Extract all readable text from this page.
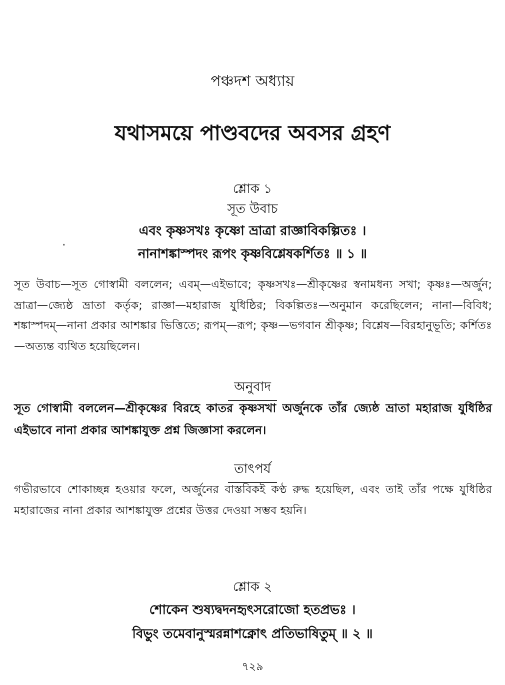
পঞ্চদশ অধ্যায়
যথাসময়ে পাণ্ডবদের অবসর গ্রহণ
শ্লোক ১
সূত উবাচ
এবং কৃষ্ণসখঃ কৃষ্ণো ভ্রাত্রা রাজ্ঞাবিকল্পিতঃ ।
নানাশঙ্কাস্পদং রূপং কৃষ্ণবিশ্লেষকর্শিতঃ ॥ ১ ॥
·
সূত উবাচ—সূত গোস্বামী বললেন; এবম্—এইভাবে; কৃষ্ণসখঃ—শ্রীকৃষ্ণের স্বনামধন্য সখা; কৃষ্ণঃ—অর্জুন; ভ্রাত্রা—জ্যেষ্ঠ ভ্রাতা কর্তৃক; রাজ্ঞা—মহারাজ যুধিষ্ঠির; বিকল্পিতঃ—অনুমান করেছিলেন; নানা—বিবিধ; শঙ্কাস্পদম্—নানা প্রকার আশঙ্কার ভিত্তিতে; রূপম্—রূপ; কৃষ্ণ—ভগবান শ্রীকৃষ্ণ; বিশ্লেষ—বিরহানুভূতি; কর্শিতঃ—অত্যন্ত ব্যথিত হয়েছিলেন।
অনুবাদ
সূত গোস্বামী বললেন—শ্রীকৃষ্ণের বিরহে কাতর কৃষ্ণসখা অর্জুনকে তাঁর জ্যেষ্ঠ ভ্রাতা মহারাজ যুধিষ্ঠির এইভাবে নানা প্রকার আশঙ্কাযুক্ত প্রশ্ন জিজ্ঞাসা করলেন।
তাৎপর্য
গভীরভাবে শোকাচ্ছন্ন হওয়ার ফলে, অর্জুনের বাস্তবিকই কণ্ঠ রুদ্ধ হয়েছিল, এবং তাই তাঁর পক্ষে যুধিষ্ঠির মহারাজের নানা প্রকার আশঙ্কাযুক্ত প্রশ্নের উত্তর দেওয়া সম্ভব হয়নি।
শ্লোক ২
শোকেন শুষ্যদ্বদনহৃৎসরোজো হতপ্রভঃ ।
বিভুং তমেবানুস্মরন্নাশক্নোৎ প্রতিভাষিতুম্ ॥ ২ ॥
৭২৯
